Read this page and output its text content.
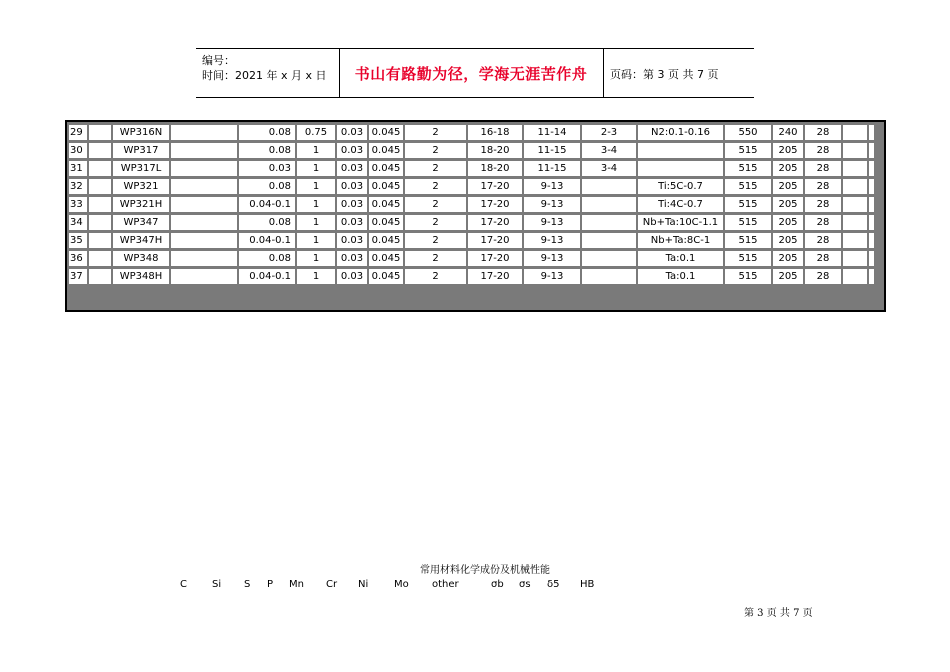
编号：
时间：2021 年 x 月 x 日	书山有路勤为径，学海无涯苦作舟	页码：第 3 页 共 7 页
29		WP316N		0.08	0.75	0.03	0.045	2	16-18	11-14	2-3	N2:0.1-0.16	550	240	28		
30		WP317		0.08	1	0.03	0.045	2	18-20	11-15	3-4		515	205	28		
31		WP317L		0.03	1	0.03	0.045	2	18-20	11-15	3-4		515	205	28		
32		WP321		0.08	1	0.03	0.045	2	17-20	9-13		Ti:5C-0.7	515	205	28		
33		WP321H		0.04-0.1	1	0.03	0.045	2	17-20	9-13		Ti:4C-0.7	515	205	28		
34		WP347		0.08	1	0.03	0.045	2	17-20	9-13		Nb+Ta:10C-1.1	515	205	28		
35		WP347H		0.04-0.1	1	0.03	0.045	2	17-20	9-13		Nb+Ta:8C-1	515	205	28		
36		WP348		0.08	1	0.03	0.045	2	17-20	9-13		Ta:0.1	515	205	28		
37		WP348H		0.04-0.1	1	0.03	0.045	2	17-20	9-13		Ta:0.1	515	205	28		
常用材料化学成份及机械性能
C	Si S P Mn Cr Ni	Mo other	σb σs δ5 HB
第 3 页 共 7 页
